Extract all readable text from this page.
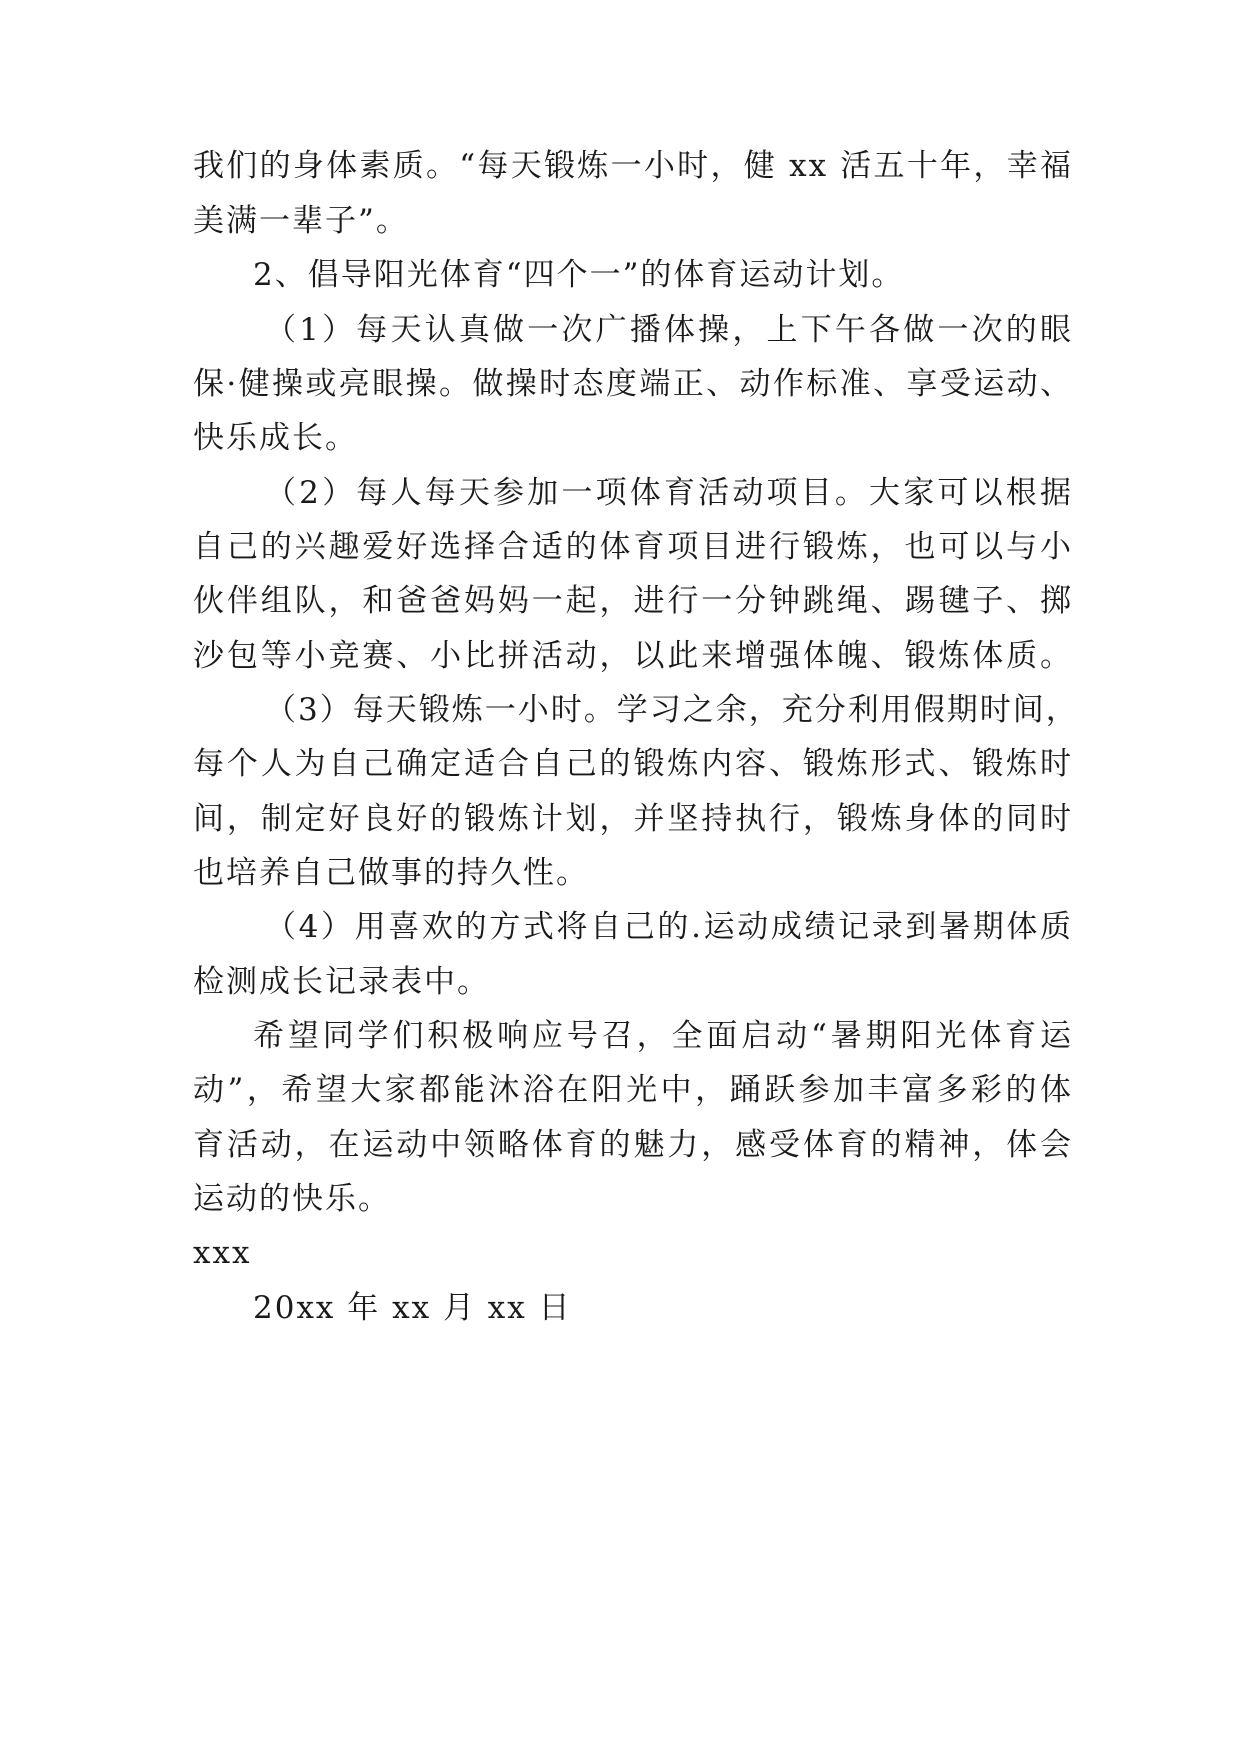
我们的身体素质。“每天锻炼一小时，健 xx 活五十年，幸福
美满一辈子”。
2、倡导阳光体育“四个一”的体育运动计划。
（1）每天认真做一次广播体操，上下午各做一次的眼
保·健操或亮眼操。做操时态度端正、动作标准、享受运动、
快乐成长。
（2）每人每天参加一项体育活动项目。大家可以根据
自己的兴趣爱好选择合适的体育项目进行锻炼，也可以与小
伙伴组队，和爸爸妈妈一起，进行一分钟跳绳、踢毽子、掷
沙包等小竞赛、小比拼活动，以此来增强体魄、锻炼体质。
（3）每天锻炼一小时。学习之余，充分利用假期时间，
每个人为自己确定适合自己的锻炼内容、锻炼形式、锻炼时
间，制定好良好的锻炼计划，并坚持执行，锻炼身体的同时
也培养自己做事的持久性。
（4）用喜欢的方式将自己的.运动成绩记录到暑期体质
检测成长记录表中。
希望同学们积极响应号召，全面启动“暑期阳光体育运
动”，希望大家都能沐浴在阳光中，踊跃参加丰富多彩的体
育活动，在运动中领略体育的魅力，感受体育的精神，体会
运动的快乐。
xxx
20xx 年 xx 月 xx 日
